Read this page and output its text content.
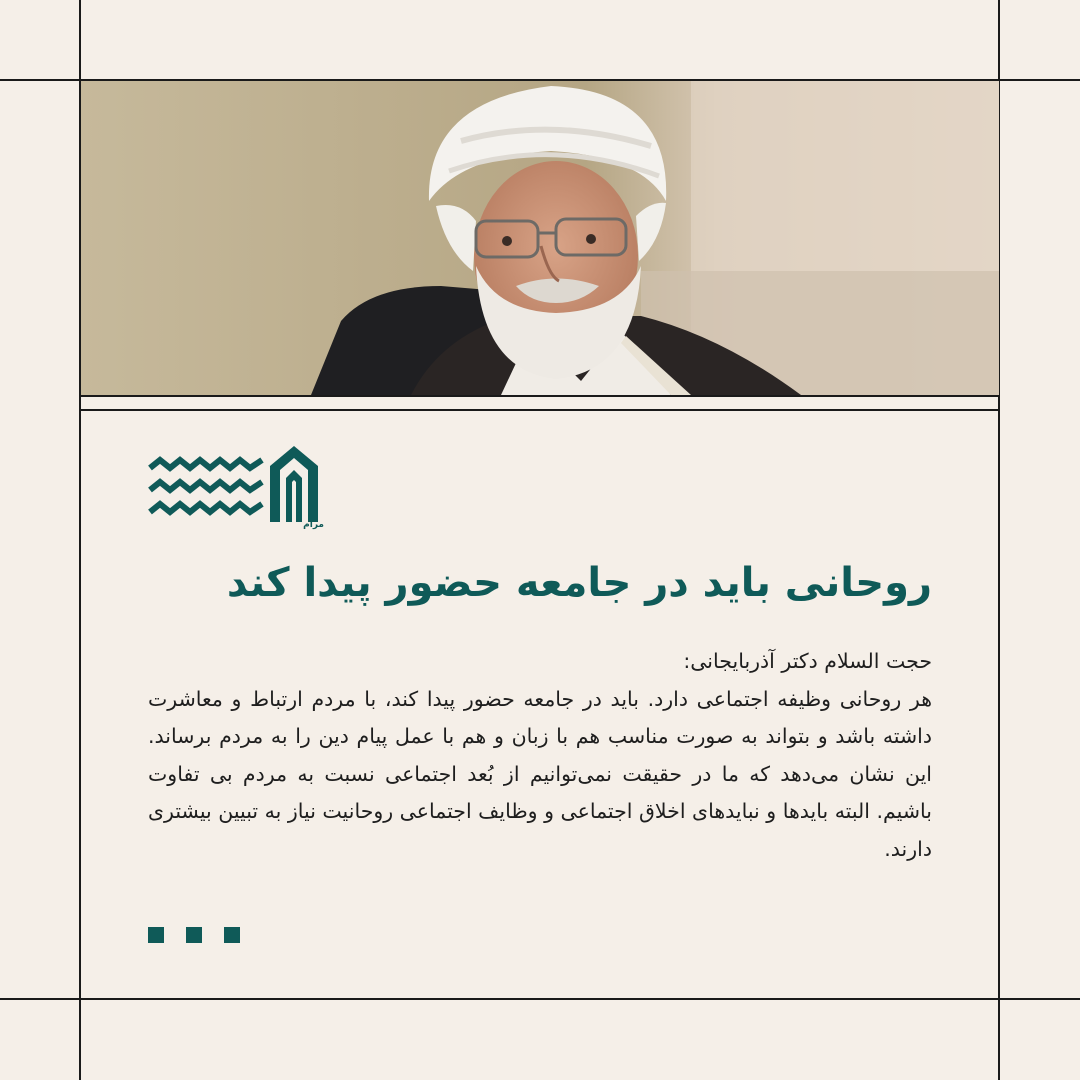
مرام
روحانی باید در جامعه حضور پیدا کند

حجت السلام دکتر آذربایجانی:

هر روحانی وظیفه اجتماعی دارد. باید در جامعه حضور پیدا کند، با مردم ارتباط و معاشرت داشته باشد و بتواند به صورت مناسب هم با زبان و هم با عمل پیام دین را به مردم برساند. این نشان می‌دهد که ما در حقیقت نمی‌توانیم از بُعد اجتماعی نسبت به مردم بی تفاوت باشیم. البته بایدها و نبایدهای اخلاق اجتماعی و وظایف اجتماعی روحانیت نیاز به تبیین بیشتری دارند.
